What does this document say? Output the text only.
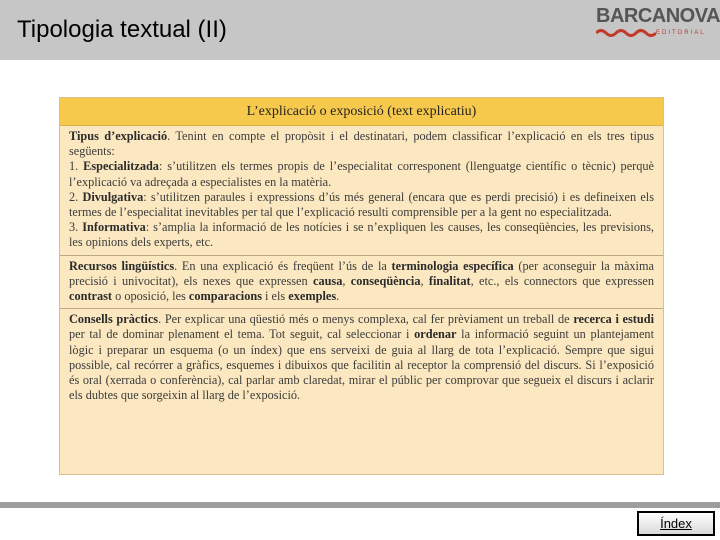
Tipologia textual (II)	BARCANOVA
EDITORIAL
L’explicació o exposició (text explicatiu)

Tipus d’explicació. Tenint en compte el propòsit i el destinatari, podem classificar l’explicació en els tres tipus següents:

1. Especialitzada: s’utilitzen els termes propis de l’especialitat corresponent (llenguatge científic o tècnic) perquè l’explicació va adreçada a especialistes en la matèria.

2. Divulgativa: s’utilitzen paraules i expressions d’ús més general (encara que es perdi precisió) i es defineixen els termes de l’especialitat inevitables per tal que l’explicació resulti comprensible per a la gent no especialitzada.

3. Informativa: s’amplia la informació de les notícies i se n’expliquen les causes, les conseqüències, les previsions, les opinions dels experts, etc.

Recursos lingüístics. En una explicació és freqüent l’ús de la terminologia específica (per aconseguir la màxima precisió i univocitat), els nexes que expressen causa, conseqüència, finalitat, etc., els connectors que expressen contrast o oposició, les comparacions i els exemples.

Consells pràctics. Per explicar una qüestió més o menys complexa, cal fer prèviament un treball de recerca i estudi per tal de dominar plenament el tema. Tot seguit, cal seleccionar i ordenar la informació seguint un plantejament lògic i preparar un esquema (o un índex) que ens serveixi de guia al llarg de tota l’explicació. Sempre que sigui possible, cal recórrer a gràfics, esquemes i dibuixos que facilitin al receptor la comprensió del discurs. Si l’exposició és oral (xerrada o conferència), cal parlar amb claredat, mirar el públic per comprovar que segueix el discurs i aclarir els dubtes que sorgeixin al llarg de l’exposició.

Índex
